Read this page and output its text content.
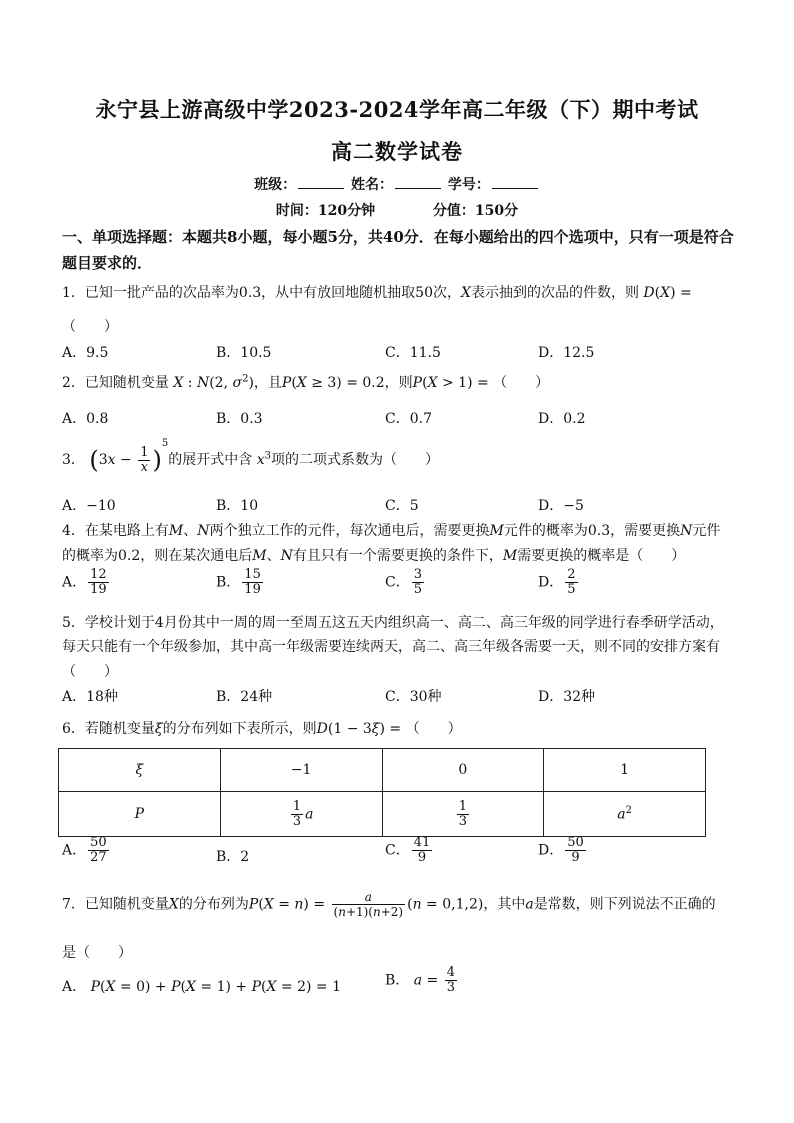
永宁县上游高级中学2023-2024学年高二年级（下）期中考试
高二数学试卷
班级：	姓名：	学号：
时间：120分钟	分值：150分
一、单项选择题：本题共8小题，每小题5分，共40分．在每小题给出的四个选项中，只有一项是符合题目要求的．
1．已知一批产品的次品率为0.3，从中有放回地随机抽取50次，X表示抽到的次品的件数，则 D(X) =
（　　）
A．9.5	B．10.5	C．11.5	D．12.5
2．已知随机变量 X : N(2, $\sigma^2$)，且P(X ≥ 3) = 0.2，则P(X > 1) = （　　）
A．0.8	B．0.3	C．0.7	D．0.2
3． $(3x - \frac{1}{x} )^5$的展开式中含 $x^3$项的二项式系数为（　　）
A．−10	B．10	C．5	D．−5
4．在某电路上有M、N两个独立工作的元件，每次通电后，需要更换M元件的概率为0.3，需要更换N元件
的概率为0.2，则在某次通电后M、N有且只有一个需要更换的条件下，M需要更换的概率是（　　）
A． $\frac{12}{19}$	B． $\frac{15}{19}$	C． $\frac{3}{5}$	D． $\frac{2}{5}$
5．学校计划于4月份其中一周的周一至周五这五天内组织高一、高二、高三年级的同学进行春季研学活动，
每天只能有一个年级参加，其中高一年级需要连续两天，高二、高三年级各需要一天，则不同的安排方案有
（　　）
A．18种	B．24种	C．30种	D．32种
6．若随机变量ξ的分布列如下表所示，则D(1 − 3ξ) = （　　）
ξ	−1	0	1
P	$\frac{1}{3}$ a	$\frac{1}{3}$	$a^2$
A． $\frac{50}{27}$	B．2	C． $\frac{41}{9}$	D． $\frac{50}{9}$
7．已知随机变量X的分布列为$P(X = n) = \frac{a}{(n+1)(n+2)} (n = 0,1,2)$，其中a是常数，则下列说法不正确的
是（　　）
A． P(X = 0) + P(X = 1) + P(X = 2) = 1	B． $a = \frac{4}{3}$
